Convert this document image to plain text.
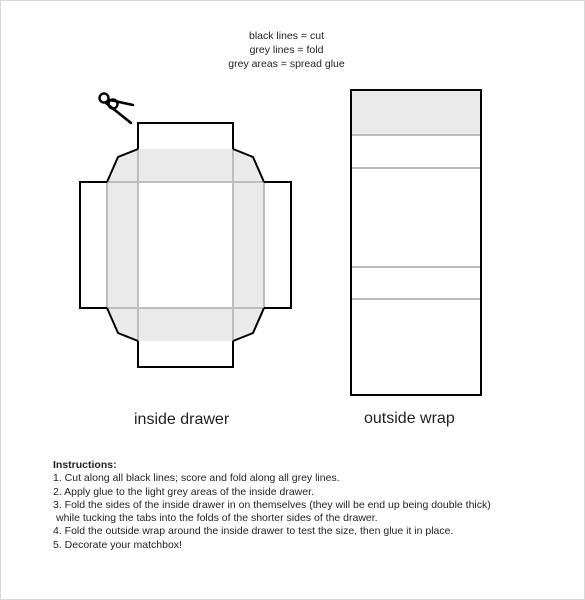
black lines = cut
grey lines = fold
grey areas = spread glue
inside drawer	outside wrap
Instructions:
1. Cut along all black lines; score and fold along all grey lines.
2. Apply glue to the light grey areas of the inside drawer.
3. Fold the sides of the inside drawer in on themselves (they will be end up being double thick)
while tucking the tabs into the folds of the shorter sides of the drawer.
4. Fold the outside wrap around the inside drawer to test the size, then glue it in place.
5. Decorate your matchbox!
